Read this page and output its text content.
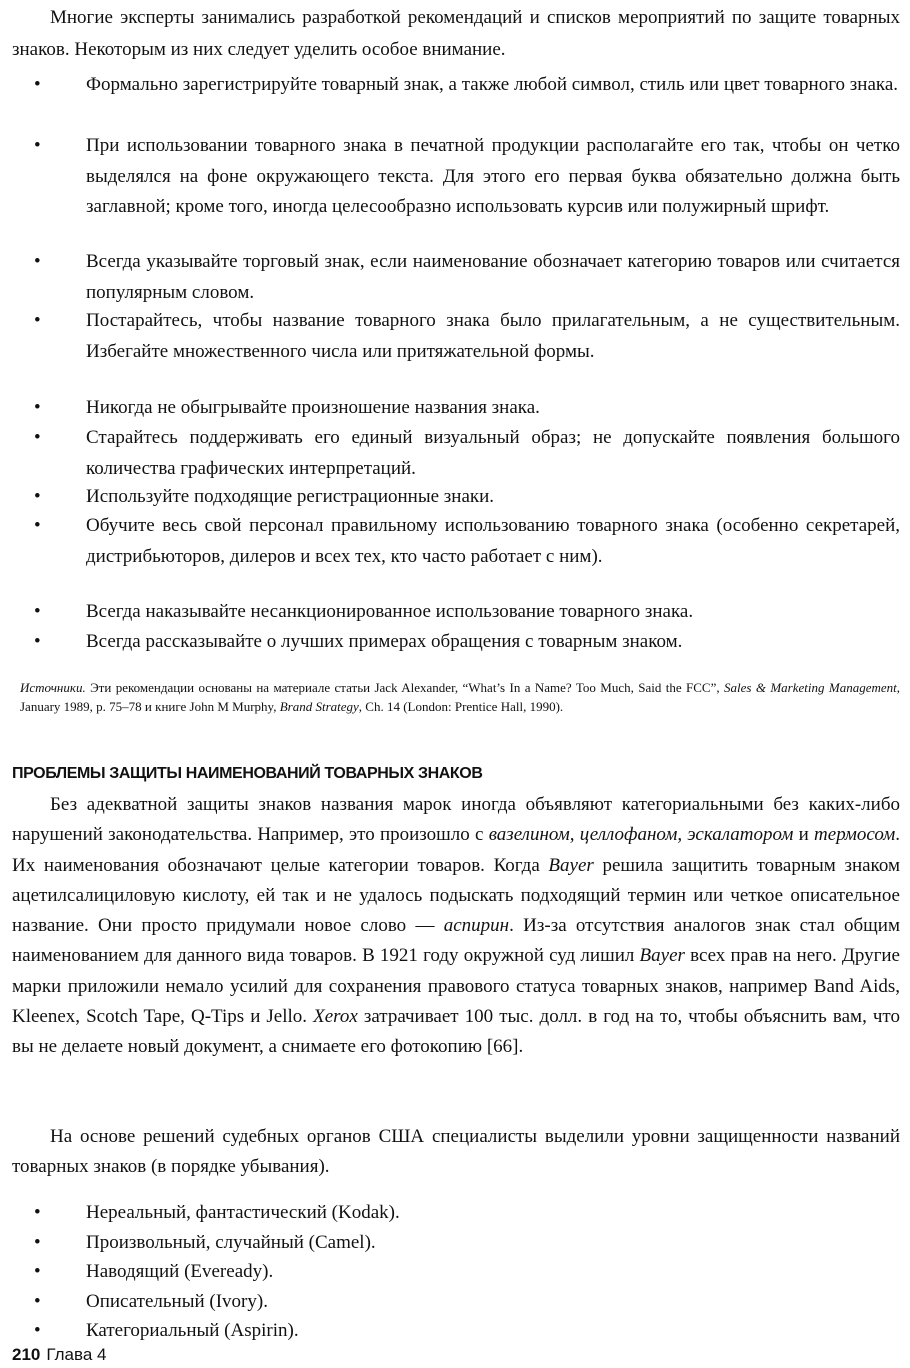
Многие эксперты занимались разработкой рекомендаций и списков мероприятий по защите товарных знаков. Некоторым из них следует уделить особое внимание.

• Формально зарегистрируйте товарный знак, а также любой символ, стиль или цвет товарного знака.
• При использовании товарного знака в печатной продукции располагайте его так, чтобы он четко выделялся на фоне окружающего текста. Для этого его первая буква обязательно должна быть заглавной; кроме того, иногда целесообразно использовать курсив или полужирный шрифт.
• Всегда указывайте торговый знак, если наименование обозначает категорию товаров или считается популярным словом.
• Постарайтесь, чтобы название товарного знака было прилагательным, а не существительным. Избегайте множественного числа или притяжательной формы.
• Никогда не обыгрывайте произношение названия знака.
• Старайтесь поддерживать его единый визуальный образ; не допускайте появления большого количества графических интерпретаций.
• Используйте подходящие регистрационные знаки.
• Обучите весь свой персонал правильному использованию товарного знака (особенно секретарей, дистрибьюторов, дилеров и всех тех, кто часто работает с ним).
• Всегда наказывайте несанкционированное использование товарного знака.
• Всегда рассказывайте о лучших примерах обращения с товарным знаком.

Источники. Эти рекомендации основаны на материале статьи Jack Alexander, “What’s In a Name? Too Much, Said the FCC”, Sales & Marketing Management, January 1989, p. 75–78 и книге John M Murphy, Brand Strategy, Ch. 14 (London: Prentice Hall, 1990).

ПРОБЛЕМЫ ЗАЩИТЫ НАИМЕНОВАНИЙ ТОВАРНЫХ ЗНАКОВ

Без адекватной защиты знаков названия марок иногда объявляют категориальными без каких-либо нарушений законодательства. Например, это произошло с вазелином, целлофаном, эскалатором и термосом. Их наименования обозначают целые категории товаров. Когда Bayer решила защитить товарным знаком ацетилсалициловую кислоту, ей так и не удалось подыскать подходящий термин или четкое описательное название. Они просто придумали новое слово — аспирин. Из-за отсутствия аналогов знак стал общим наименованием для данного вида товаров. В 1921 году окружной суд лишил Bayer всех прав на него. Другие марки приложили немало усилий для сохранения правового статуса товарных знаков, например Band Aids, Kleenex, Scotch Tape, Q-Tips и Jello. Xerox затрачивает 100 тыс. долл. в год на то, чтобы объяснить вам, что вы не делаете новый документ, а снимаете его фотокопию [66].

На основе решений судебных органов США специалисты выделили уровни защищенности названий товарных знаков (в порядке убывания).

• Нереальный, фантастический (Kodak).
• Произвольный, случайный (Camel).
• Наводящий (Eveready).
• Описательный (Ivory).
• Категориальный (Aspirin).
210 Глава 4
